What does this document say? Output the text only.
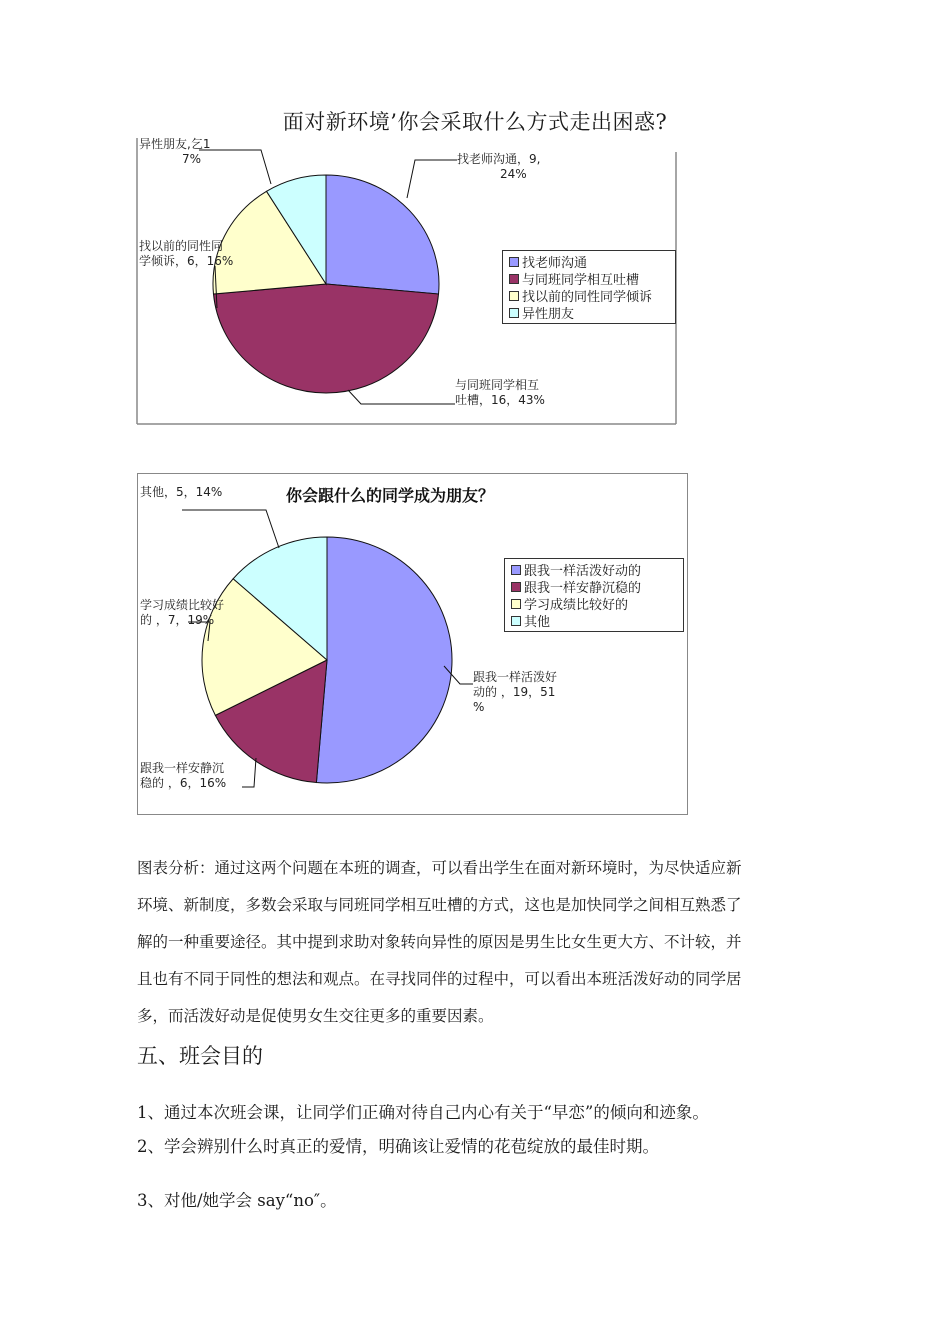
面对新环境’你会采取什么方式走出困惑?
找老师沟通，9,
24%
与同班同学相互
吐槽，16，43%
找以前的同性同
学倾诉，6，16%
异性朋友,乞1
7%
找老师沟通
与同班同学相互吐槽
找以前的同性同学倾诉
异性朋友
你会跟什么的同学成为朋友？
跟我一样活泼好
动的 ，19，51
%
跟我一样安静沉
稳的 ，6，16%
学习成绩比较好
的 ，7，19%
其他，5，14%
跟我一样活泼好动的
跟我一样安静沉稳的
学习成绩比较好的
其他
图表分析：通过这两个问题在本班的调查，可以看出学生在面对新环境时，为尽快适应新
环境、新制度，多数会采取与同班同学相互吐槽的方式，这也是加快同学之间相互熟悉了
解的一种重要途径。其中提到求助对象转向异性的原因是男生比女生更大方、不计较，并
且也有不同于同性的想法和观点。在寻找同伴的过程中，可以看出本班活泼好动的同学居
多，而活泼好动是促使男女生交往更多的重要因素。
五、班会目的
1、通过本次班会课，让同学们正确对待自己内心有关于“早恋”的倾向和迹象。
2、学会辨别什么时真正的爱情，明确该让爱情的花苞绽放的最佳时期。
3、对他/她学会 say“no″。
